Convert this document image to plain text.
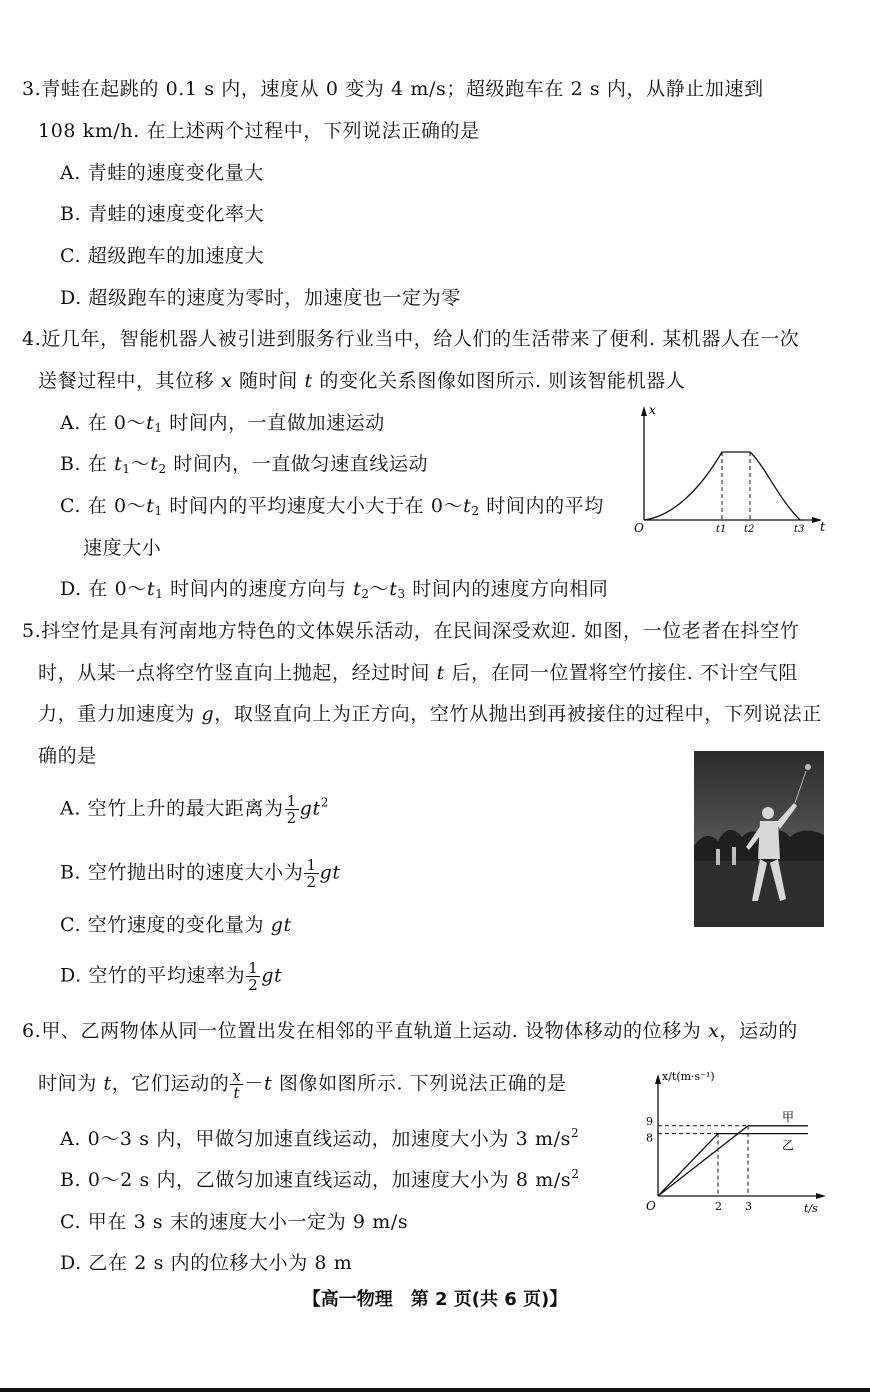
3.青蛙在起跳的 0.1 s 内，速度从 0 变为 4 m/s；超级跑车在 2 s 内，从静止加速到
108 km/h. 在上述两个过程中，下列说法正确的是
A. 青蛙的速度变化量大
B. 青蛙的速度变化率大
C. 超级跑车的加速度大
D. 超级跑车的速度为零时，加速度也一定为零
4.近几年，智能机器人被引进到服务行业当中，给人们的生活带来了便利. 某机器人在一次
送餐过程中，其位移 x 随时间 t 的变化关系图像如图所示. 则该智能机器人
A. 在 $0\sim t_1$ 时间内，一直做加速运动
B. 在 $t_1\sim t_2$ 时间内，一直做匀速直线运动
C. 在 $0\sim t_1$ 时间内的平均速度大小大于在 $0\sim t_2$ 时间内的平均
速度大小
D. 在 $0\sim t_1$ 时间内的速度方向与 $t_2\sim t_3$ 时间内的速度方向相同
x
t
O	t1 t2	t3
5.抖空竹是具有河南地方特色的文体娱乐活动，在民间深受欢迎. 如图，一位老者在抖空竹
时，从某一点将空竹竖直向上抛起，经过时间 t 后，在同一位置将空竹接住. 不计空气阻
力，重力加速度为 g，取竖直向上为正方向，空竹从抛出到再被接住的过程中，下列说法正
确的是
A. 空竹上升的最大距离为 $\frac{1}{2} gt^2$
B. 空竹抛出时的速度大小为 $\frac{1}{2}$ gt
C. 空竹速度的变化量为 gt
D. 空竹的平均速率为 $\frac{1}{2}$ gt
6.甲、乙两物体从同一位置出发在相邻的平直轨道上运动. 设物体移动的位移为 x，运动的
时间为 t，它们运动的 $\frac{x}{t} -t$ 图像如图所示. 下列说法正确的是
A. 0～3 s 内，甲做匀加速直线运动，加速度大小为 3 $m/s^2$
B. 0～2 s 内，乙做匀加速直线运动，加速度大小为 8 $m/s^2$
C. 甲在 3 s 末的速度大小一定为 9 m/s
D. 乙在 2 s 内的位移大小为 8 m
x/t(m·s⁻¹)
t/s
O
甲
乙
8
9
2 3
【高一物理　第 2 页(共 6 页)】
